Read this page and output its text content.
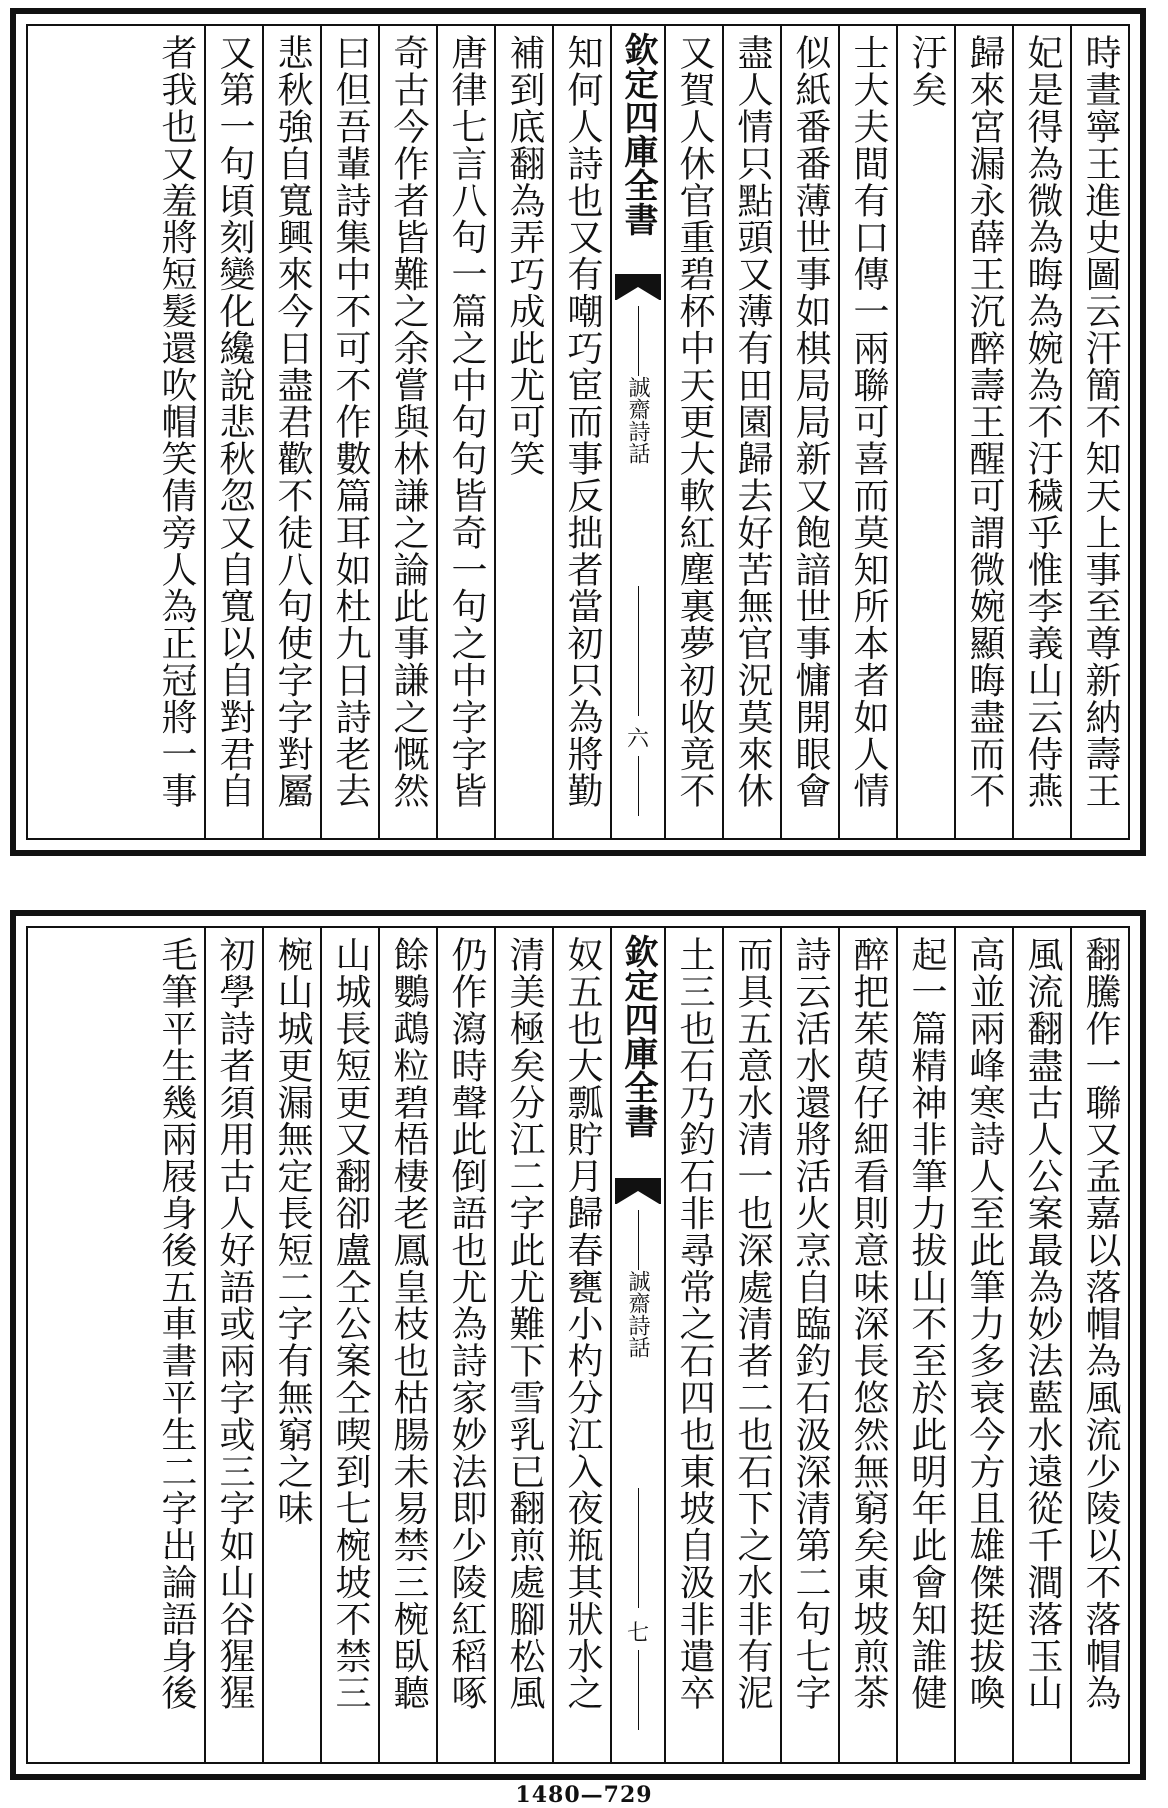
時晝寧王進史圖云汗簡不知天上事至尊新納壽王
妃是得為微為晦為婉為不汙穢乎惟李義山云侍燕
歸來宮漏永薛王沉醉壽王醒可謂微婉顯晦盡而不
汙矣
士大夫間有口傳一兩聯可喜而莫知所本者如人情
似紙番番薄世事如棋局局新又飽諳世事慵開眼會
盡人情只點頭又薄有田園歸去好苦無官況莫來休
又賀人休官重碧杯中天更大軟紅塵裏夢初收竟不
欽定四庫全書
誠齋詩話
六
知何人詩也又有嘲巧宦而事反拙者當初只為將勤
補到底翻為弄巧成此尤可笑
唐律七言八句一篇之中句句皆奇一句之中字字皆
奇古今作者皆難之余嘗與林謙之論此事謙之慨然
曰但吾輩詩集中不可不作數篇耳如杜九日詩老去
悲秋強自寬興來今日盡君歡不徒八句使字字對屬
又第一句頃刻變化纔說悲秋忽又自寬以自對君自
者我也又羞將短髮還吹帽笑倩旁人為正冠將一事
翻騰作一聯又孟嘉以落帽為風流少陵以不落帽為
風流翻盡古人公案最為妙法藍水遠從千澗落玉山
高並兩峰寒詩人至此筆力多衰今方且雄傑挺拔喚
起一篇精神非筆力拔山不至於此明年此會知誰健
醉把茱萸仔細看則意味深長悠然無窮矣東坡煎茶
詩云活水還將活火烹自臨釣石汲深清第二句七字
而具五意水清一也深處清者二也石下之水非有泥
土三也石乃釣石非尋常之石四也東坡自汲非遣卒
欽定四庫全書
誠齋詩話
七
奴五也大瓢貯月歸春甕小杓分江入夜瓶其狀水之
清美極矣分江二字此尤難下雪乳已翻煎處腳松風
仍作瀉時聲此倒語也尤為詩家妙法即少陵紅稻啄
餘鸚鵡粒碧梧棲老鳳皇枝也枯腸未易禁三椀臥聽
山城長短更又翻卻盧仝公案仝喫到七椀坡不禁三
椀山城更漏無定長短二字有無窮之味
初學詩者須用古人好語或兩字或三字如山谷猩猩
毛筆平生幾兩屐身後五車書平生二字出論語身後
1480—729
